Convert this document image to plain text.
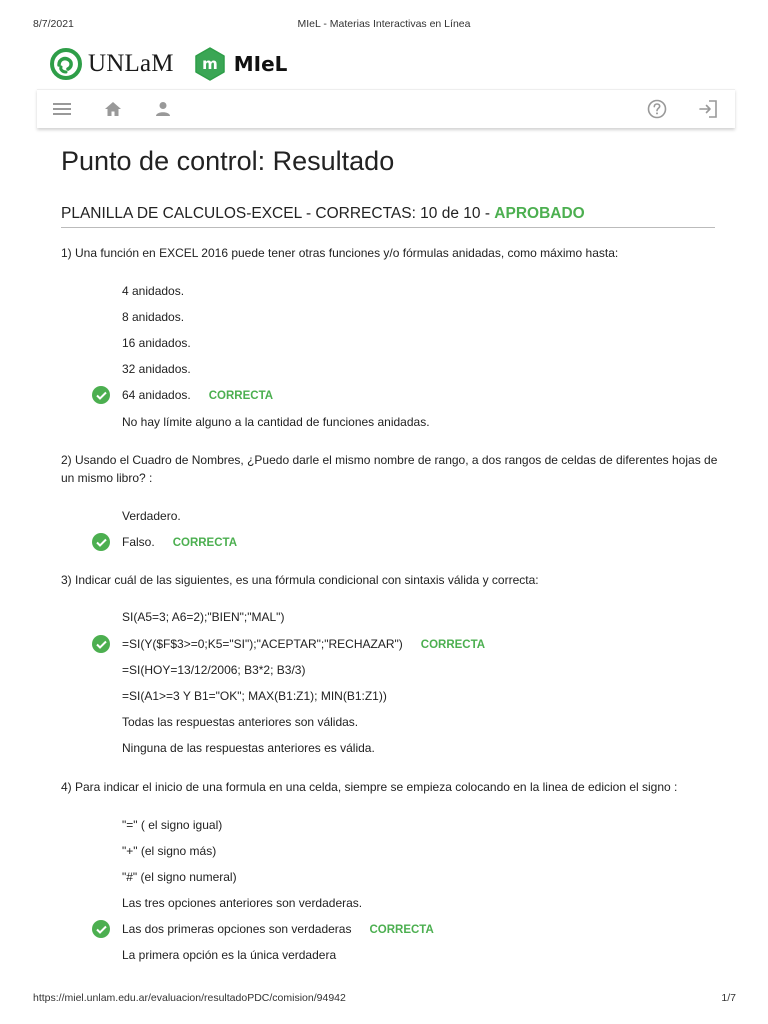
8/7/2021	MIeL - Materias Interactivas en Línea
UNLaM m MIeL
Punto de control: Resultado
PLANILLA DE CALCULOS-EXCEL - CORRECTAS: 10 de 10 - APROBADO
1) Una función en EXCEL 2016 puede tener otras funciones y/o fórmulas anidadas, como máximo hasta:
4 anidados.
8 anidados.
16 anidados.
32 anidados.
64 anidados. CORRECTA
No hay límite alguno a la cantidad de funciones anidadas.
2) Usando el Cuadro de Nombres, ¿Puedo darle el mismo nombre de rango, a dos rangos de celdas de diferentes hojas de un mismo libro? :
Verdadero.
Falso. CORRECTA
3) Indicar cuál de las siguientes, es una fórmula condicional con sintaxis válida y correcta:
SI(A5=3; A6=2);"BIEN";"MAL")
=SI(Y($F$3>=0;K5="SI");"ACEPTAR";"RECHAZAR") CORRECTA
=SI(HOY=13/12/2006; B3*2; B3/3)
=SI(A1>=3 Y B1="OK"; MAX(B1:Z1); MIN(B1:Z1))
Todas las respuestas anteriores son válidas.
Ninguna de las respuestas anteriores es válida.
4) Para indicar el inicio de una formula en una celda, siempre se empieza colocando en la linea de edicion el signo :
"=" ( el signo igual)
"+" (el signo más)
"#" (el signo numeral)
Las tres opciones anteriores son verdaderas.
Las dos primeras opciones son verdaderas CORRECTA
La primera opción es la única verdadera
https://miel.unlam.edu.ar/evaluacion/resultadoPDC/comision/94942	1/7
